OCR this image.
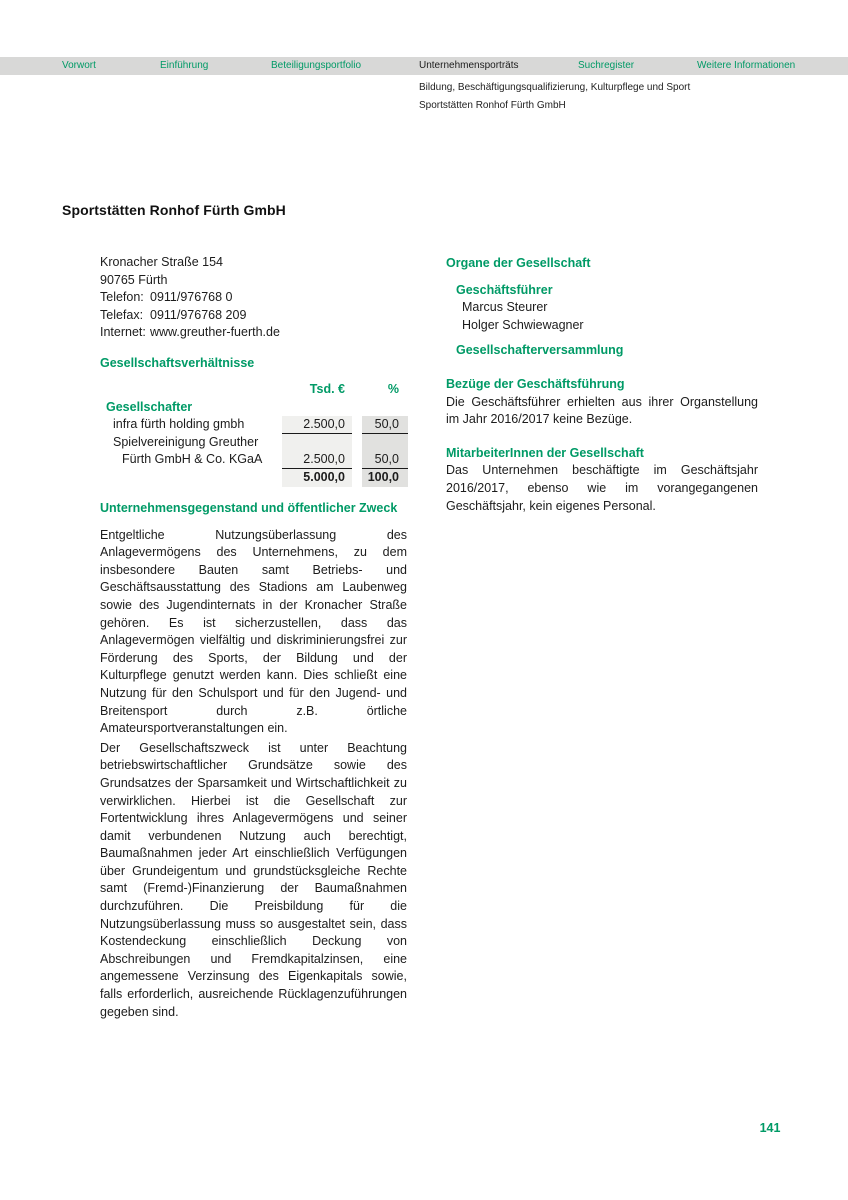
Vorwort	Einführung	Beteiligungsportfolio	Unternehmensporträts	Suchregister	Weitere Informationen
Bildung, Beschäftigungsqualifizierung, Kulturpflege und Sport
Sportstätten Ronhof Fürth GmbH
Sportstätten Ronhof Fürth GmbH
Kronacher Straße 154
90765 Fürth
Telefon: 0911/976768 0
Telefax: 0911/976768 209
Internet: www.greuther-fuerth.de
Gesellschaftsverhältnisse
Tsd. €	%
Gesellschafter
infra fürth holding gmbh	2.500,0	50,0
Spielvereinigung Greuther
Fürth GmbH & Co. KGaA	2.500,0	50,0
5.000,0	100,0
Unternehmensgegenstand und öffentlicher Zweck

Entgeltliche Nutzungsüberlassung des Anlagevermögens des Unternehmens, zu dem insbesondere Bauten samt Betriebs- und Geschäftsausstattung des Stadions am Laubenweg sowie des Jugendinternats in der Kronacher Straße gehören. Es ist sicherzustellen, dass das Anlagevermögen vielfältig und diskriminierungsfrei zur Förderung des Sports, der Bildung und der Kulturpflege genutzt werden kann. Dies schließt eine Nutzung für den Schulsport und für den Jugend- und Breitensport durch z.B. örtliche Amateursportveranstaltungen ein.

Der Gesellschaftszweck ist unter Beachtung betriebswirtschaftlicher Grundsätze sowie des Grundsatzes der Sparsamkeit und Wirtschaftlichkeit zu verwirklichen. Hierbei ist die Gesellschaft zur Fortentwicklung ihres Anlagevermögens und seiner damit verbundenen Nutzung auch berechtigt, Baumaßnahmen jeder Art einschließlich Verfügungen über Grundeigentum und grundstücksgleiche Rechte samt (Fremd-)Finanzierung der Baumaßnahmen durchzuführen. Die Preisbildung für die Nutzungsüberlassung muss so ausgestaltet sein, dass Kostendeckung einschließlich Deckung von Abschreibungen und Fremdkapitalzinsen, eine angemessene Verzinsung des Eigenkapitals sowie, falls erforderlich, ausreichende Rücklagenzuführungen gegeben sind.

Organe der Gesellschaft
Geschäftsführer
Marcus Steurer
Holger Schwiewagner
Gesellschafterversammlung
Bezüge der Geschäftsführung

Die Geschäftsführer erhielten aus ihrer Organstellung im Jahr 2016/2017 keine Bezüge.

MitarbeiterInnen der Gesellschaft

Das Unternehmen beschäftigte im Geschäftsjahr 2016/2017, ebenso wie im vorangegangenen Geschäftsjahr, kein eigenes Personal.

141
